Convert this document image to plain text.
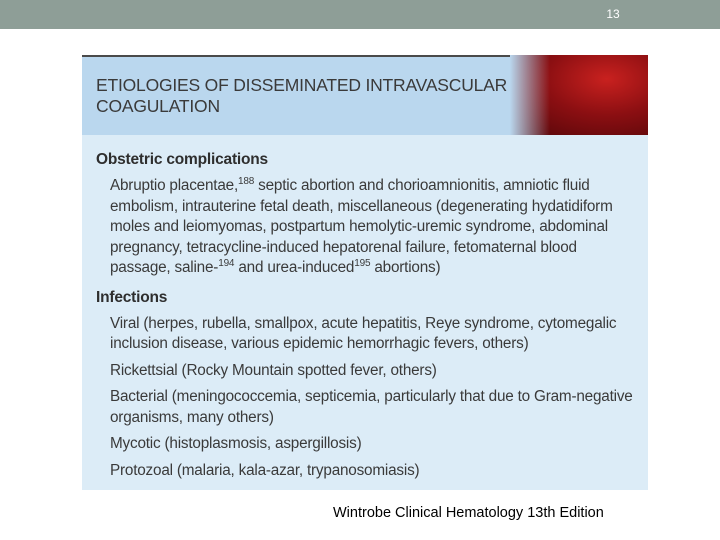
13
ETIOLOGIES OF DISSEMINATED INTRAVASCULAR
COAGULATION
Obstetric complications
Abruptio placentae,$^{188}$ septic abortion and chorioamnionitis, amniotic fluid embolism, intrauterine fetal death, miscellaneous (degenerating hydatidiform moles and leiomyomas, postpartum hemolytic-uremic syndrome, abdominal pregnancy, tetracycline-induced hepatorenal failure, fetomaternal blood passage, saline-$^{194}$ and urea-induced$^{195}$ abortions)
Infections
Viral (herpes, rubella, smallpox, acute hepatitis, Reye syndrome, cytomegalic inclusion disease, various epidemic hemorrhagic fevers, others)
Rickettsial (Rocky Mountain spotted fever, others)
Bacterial (meningococcemia, septicemia, particularly that due to Gram-negative organisms, many others)
Mycotic (histoplasmosis, aspergillosis)
Protozoal (malaria, kala-azar, trypanosomiasis)
Wintrobe Clinical Hematology 13th Edition
